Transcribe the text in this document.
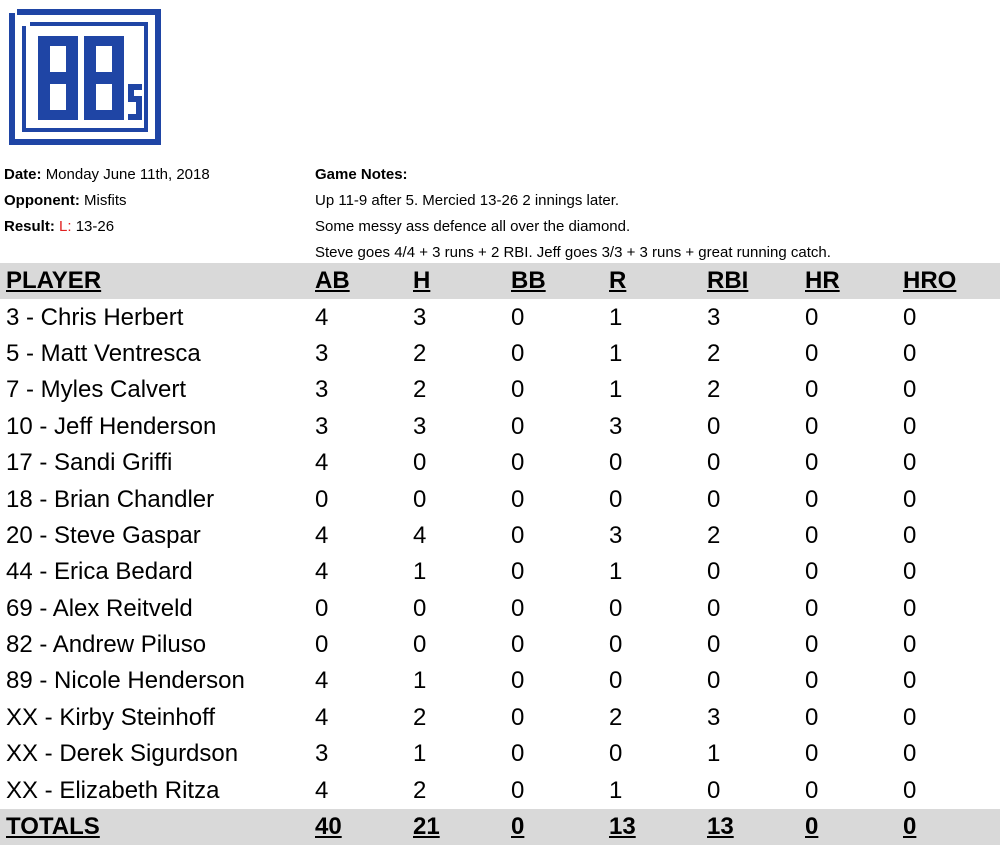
Date: Monday June 11th, 2018
Opponent: Misfits
Result: L: 13-26
Game Notes:
Up 11-9 after 5. Mercied 13-26 2 innings later.
Some messy ass defence all over the diamond.
Steve goes 4/4 + 3 runs + 2 RBI. Jeff goes 3/3 + 3 runs + great running catch.
PLAYER	AB	H	BB	R	RBI	HR	HRO
3 - Chris Herbert	4	3	0	1	3	0	0
5 - Matt Ventresca	3	2	0	1	2	0	0
7 - Myles Calvert	3	2	0	1	2	0	0
10 - Jeff Henderson	3	3	0	3	0	0	0
17 - Sandi Griffi	4	0	0	0	0	0	0
18 - Brian Chandler	0	0	0	0	0	0	0
20 - Steve Gaspar	4	4	0	3	2	0	0
44 - Erica Bedard	4	1	0	1	0	0	0
69 - Alex Reitveld	0	0	0	0	0	0	0
82 - Andrew Piluso	0	0	0	0	0	0	0
89 - Nicole Henderson	4	1	0	0	0	0	0
XX - Kirby Steinhoff	4	2	0	2	3	0	0
XX - Derek Sigurdson	3	1	0	0	1	0	0
XX - Elizabeth Ritza	4	2	0	1	0	0	0
TOTALS	40	21	0	13	13	0	0
